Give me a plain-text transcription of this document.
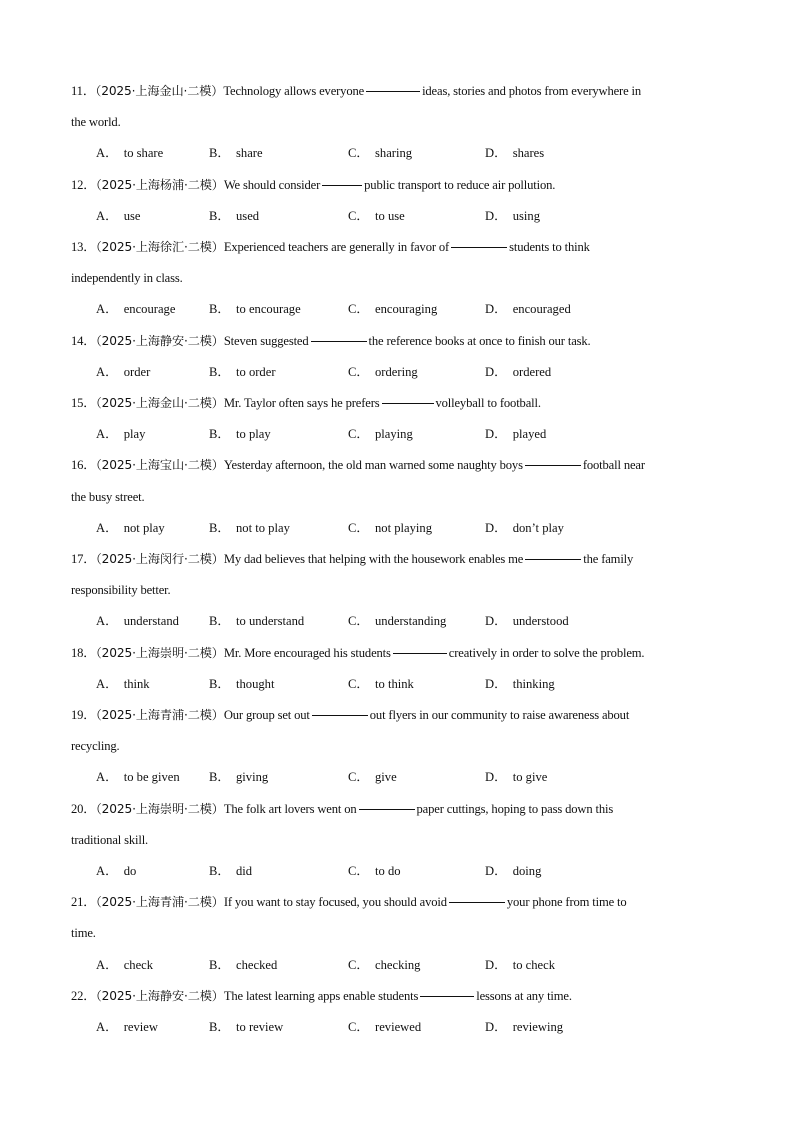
11．（2025·上海金山·二模）Technology allows everyone	ideas, stories and photos from everywhere in
the world.
A． to share	B． share	C． sharing	D． shares
12．（2025·上海杨浦·二模）We should consider	public transport to reduce air pollution.
A． use	B． used	C． to use	D． using
13．（2025·上海徐汇·二模）Experienced teachers are generally in favor of	students to think
independently in class.
A． encourage	B． to encourage	C． encouraging	D． encouraged
14．（2025·上海静安·二模）Steven suggested	the reference books at once to finish our task.
A． order	B． to order	C． ordering	D． ordered
15．（2025·上海金山·二模）Mr. Taylor often says he prefers	volleyball to football.
A． play	B． to play	C． playing	D． played
16．（2025·上海宝山·二模）Yesterday afternoon, the old man warned some naughty boys	football near
the busy street.
A． not play	B． not to play	C． not playing	D． don’t play
17．（2025·上海闵行·二模）My dad believes that helping with the housework enables me	the family
responsibility better.
A． understand B． to understand	C． understanding	D． understood
18．（2025·上海崇明·二模）Mr. More encouraged his students	creatively in order to solve the problem.
A． think	B． thought	C． to think	D． thinking
19．（2025·上海青浦·二模）Our group set out	out flyers in our community to raise awareness about
recycling.
A． to be given B． giving	C． give	D． to give
20．（2025·上海崇明·二模）The folk art lovers went on	paper cuttings, hoping to pass down this
traditional skill.
A． do	B． did	C． to do	D． doing
21．（2025·上海青浦·二模）If you want to stay focused, you should avoid	your phone from time to
time.
A． check	B． checked	C． checking	D． to check
22．（2025·上海静安·二模）The latest learning apps enable students	lessons at any time.
A． review	B． to review	C． reviewed	D． reviewing
